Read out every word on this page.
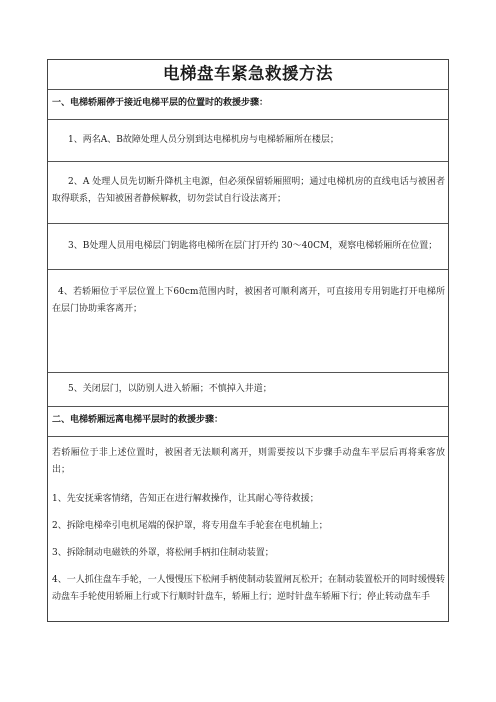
电梯盘车紧急救援方法
一、电梯轿厢停于接近电梯平层的位置时的救援步骤：
1、两名A、B故障处理人员分别到达电梯机房与电梯轿厢所在楼层；
2、A 处理人员先切断升降机主电源，但必须保留轿厢照明；通过电梯机房的直线电话与被困者取得联系，告知被困者静候解救，切勿尝试自行设法离开；
3、B处理人员用电梯层门钥匙将电梯所在层门打开约 30～40CM，观察电梯轿厢所在位置；
4、若轿厢位于平层位置上下60cm范围内时，被困者可顺利离开，可直接用专用钥匙打开电梯所在层门协助乘客离开；
5、关闭层门，以防别人进入轿厢；不慎掉入井道；
二、电梯轿厢远离电梯平层时的救援步骤：
若轿厢位于非上述位置时，被困者无法顺利离开，则需要按以下步骤手动盘车平层后再将乘客放出；
1、先安抚乘客情绪，告知正在进行解救操作，让其耐心等待救援；
2、拆除电梯牵引电机尾端的保护罩，将专用盘车手轮套在电机轴上；
3、拆除制动电磁铁的外罩，将松闸手柄扣住制动装置；
4、一人抓住盘车手轮，一人慢慢压下松闸手柄使制动装置闸瓦松开；在制动装置松开的同时缓慢转动盘车手轮使用轿厢上行或下行顺时针盘车，轿厢上行；逆时针盘车轿厢下行；停止转动盘车手
